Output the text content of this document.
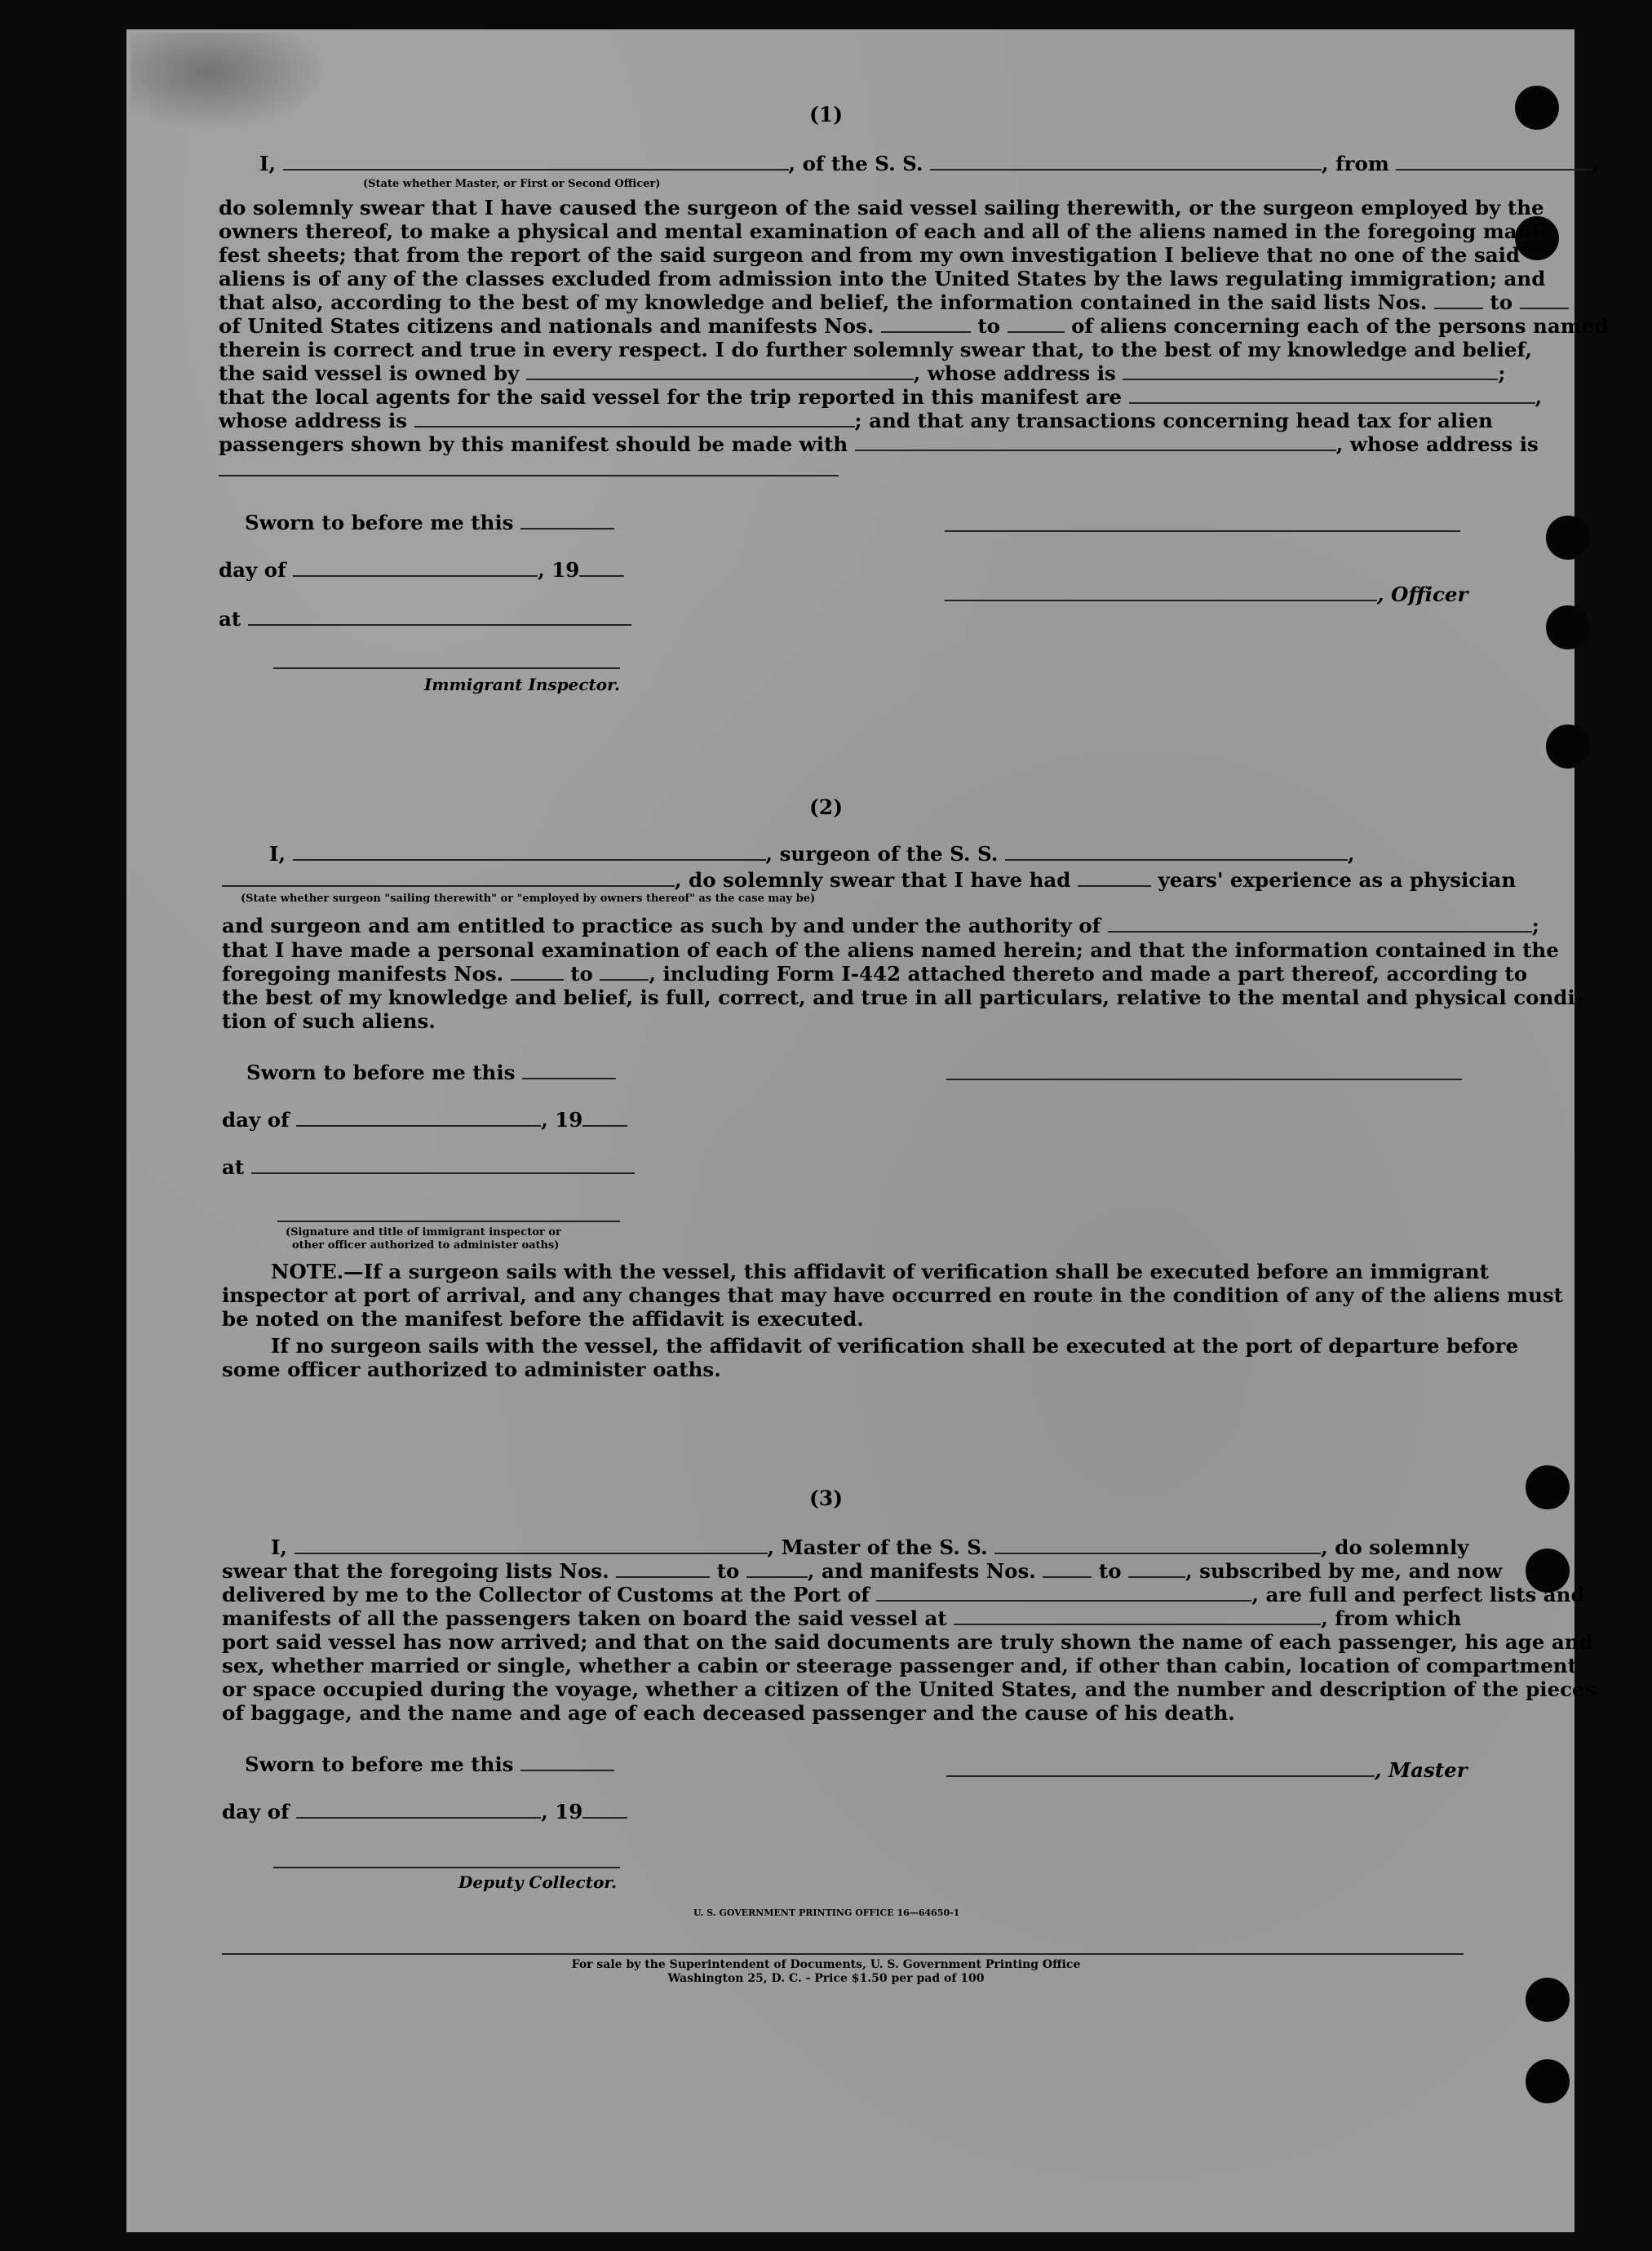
(1)
I,	, of the S. S.	, from	,
(State whether Master, or First or Second Officer)
do solemnly swear that I have caused the surgeon of the said vessel sailing therewith, or the surgeon employed by the
owners thereof, to make a physical and mental examination of each and all of the aliens named in the foregoing mani-
fest sheets; that from the report of the said surgeon and from my own investigation I believe that no one of the said
aliens is of any of the classes excluded from admission into the United States by the laws regulating immigration; and
that also, according to the best of my knowledge and belief, the information contained in the said lists Nos.	to
of United States citizens and nationals and manifests Nos.	to	of aliens concerning each of the persons named
therein is correct and true in every respect. I do further solemnly swear that, to the best of my knowledge and belief,
the said vessel is owned by	, whose address is	;
that the local agents for the said vessel for the trip reported in this manifest are	,
whose address is	; and that any transactions concerning head tax for alien
passengers shown by this manifest should be made with	, whose address is
Sworn to before me this
day of	, 19
, Officer
at
Immigrant Inspector.
(2)
I,	, surgeon of the S. S.	,
, do solemnly swear that I have had	years' experience as a physician
(State whether surgeon "sailing therewith" or "employed by owners thereof" as the case may be)
and surgeon and am entitled to practice as such by and under the authority of	;
that I have made a personal examination of each of the aliens named herein; and that the information contained in the
foregoing manifests Nos.	to	, including Form I-442 attached thereto and made a part thereof, according to
the best of my knowledge and belief, is full, correct, and true in all particulars, relative to the mental and physical condi-
tion of such aliens.
Sworn to before me this
day of	, 19
at
(Signature and title of immigrant inspector or
other officer authorized to administer oaths)
NOTE.—If a surgeon sails with the vessel, this affidavit of verification shall be executed before an immigrant
inspector at port of arrival, and any changes that may have occurred en route in the condition of any of the aliens must
be noted on the manifest before the affidavit is executed.
If no surgeon sails with the vessel, the affidavit of verification shall be executed at the port of departure before
some officer authorized to administer oaths.
(3)
I,	, Master of the S. S.	, do solemnly
swear that the foregoing lists Nos.	to	, and manifests Nos.	to	, subscribed by me, and now
delivered by me to the Collector of Customs at the Port of	, are full and perfect lists and
manifests of all the passengers taken on board the said vessel at	, from which
port said vessel has now arrived; and that on the said documents are truly shown the name of each passenger, his age and
sex, whether married or single, whether a cabin or steerage passenger and, if other than cabin, location of compartment
or space occupied during the voyage, whether a citizen of the United States, and the number and description of the pieces
of baggage, and the name and age of each deceased passenger and the cause of his death.
Sworn to before me this	, Master
day of	, 19
Deputy Collector.
U. S. GOVERNMENT PRINTING OFFICE 16—64650-1
For sale by the Superintendent of Documents, U. S. Government Printing Office
Washington 25, D. C. - Price $1.50 per pad of 100
